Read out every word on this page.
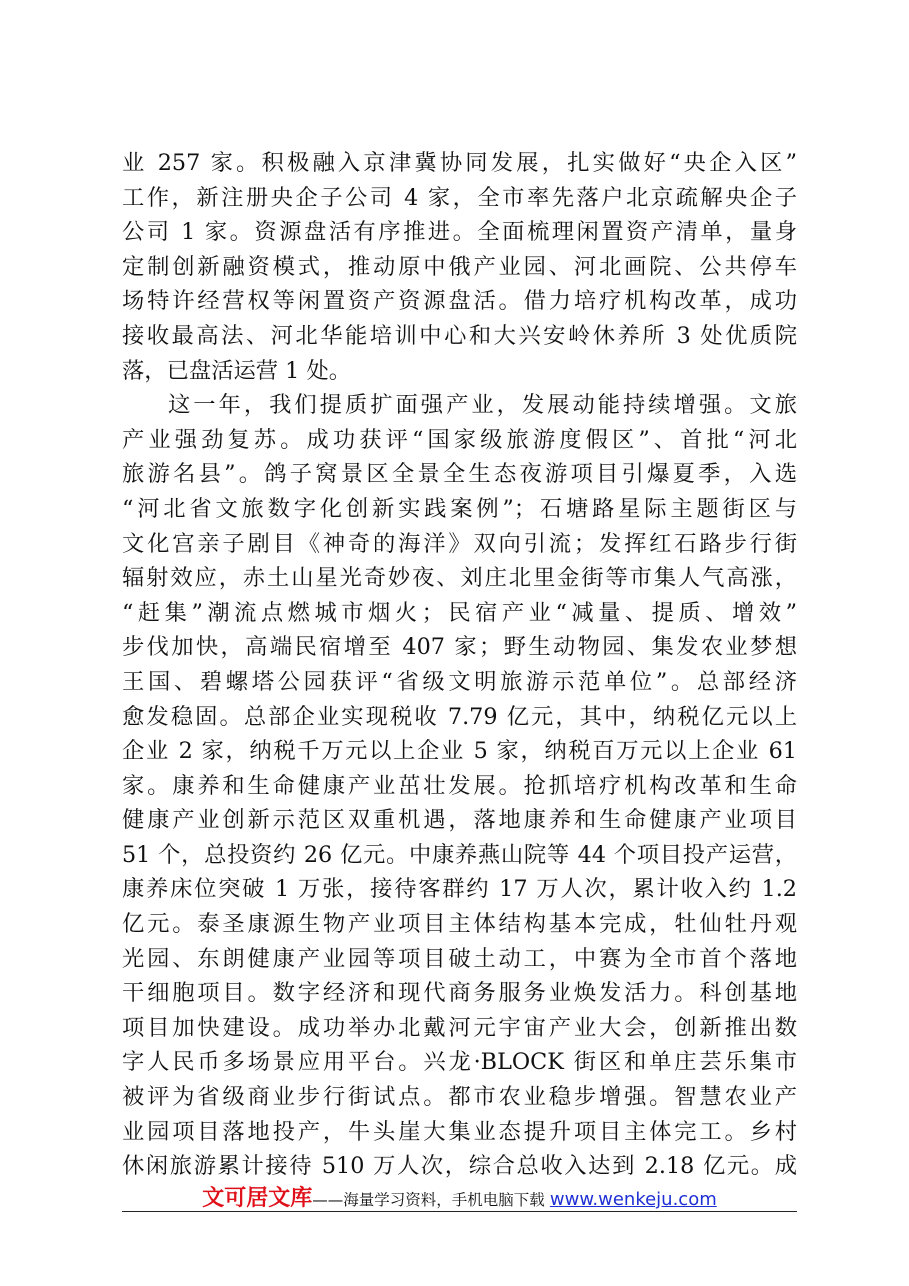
业 257 家。积极融入京津冀协同发展，扎实做好“央企入区”
工作，新注册央企子公司 4 家，全市率先落户北京疏解央企子
公司 1 家。资源盘活有序推进。全面梳理闲置资产清单，量身
定制创新融资模式，推动原中俄产业园、河北画院、公共停车
场特许经营权等闲置资产资源盘活。借力培疗机构改革，成功
接收最高法、河北华能培训中心和大兴安岭休养所 3 处优质院
落，已盘活运营 1 处。
这一年，我们提质扩面强产业，发展动能持续增强。文旅
产业强劲复苏。成功获评“国家级旅游度假区”、首批“河北
旅游名县”。鸽子窝景区全景全生态夜游项目引爆夏季，入选
“河北省文旅数字化创新实践案例”；石塘路星际主题街区与
文化宫亲子剧目《神奇的海洋》双向引流；发挥红石路步行街
辐射效应，赤土山星光奇妙夜、刘庄北里金街等市集人气高涨，
“赶集”潮流点燃城市烟火；民宿产业“减量、提质、增效”
步伐加快，高端民宿增至 407 家；野生动物园、集发农业梦想
王国、碧螺塔公园获评“省级文明旅游示范单位”。总部经济
愈发稳固。总部企业实现税收 7.79 亿元，其中，纳税亿元以上
企业 2 家，纳税千万元以上企业 5 家，纳税百万元以上企业 61
家。康养和生命健康产业茁壮发展。抢抓培疗机构改革和生命
健康产业创新示范区双重机遇，落地康养和生命健康产业项目
51 个，总投资约 26 亿元。中康养燕山院等 44 个项目投产运营，
康养床位突破 1 万张，接待客群约 17 万人次，累计收入约 1.2
亿元。泰圣康源生物产业项目主体结构基本完成，牡仙牡丹观
光园、东朗健康产业园等项目破土动工，中赛为全市首个落地
干细胞项目。数字经济和现代商务服务业焕发活力。科创基地
项目加快建设。成功举办北戴河元宇宙产业大会，创新推出数
字人民币多场景应用平台。兴龙·BLOCK 街区和单庄芸乐集市
被评为省级商业步行街试点。都市农业稳步增强。智慧农业产
业园项目落地投产，牛头崖大集业态提升项目主体完工。乡村
休闲旅游累计接待 510 万人次，综合总收入达到 2.18 亿元。成
文可居文库——海量学习资料，手机电脑下载 www.wenkeju.com
